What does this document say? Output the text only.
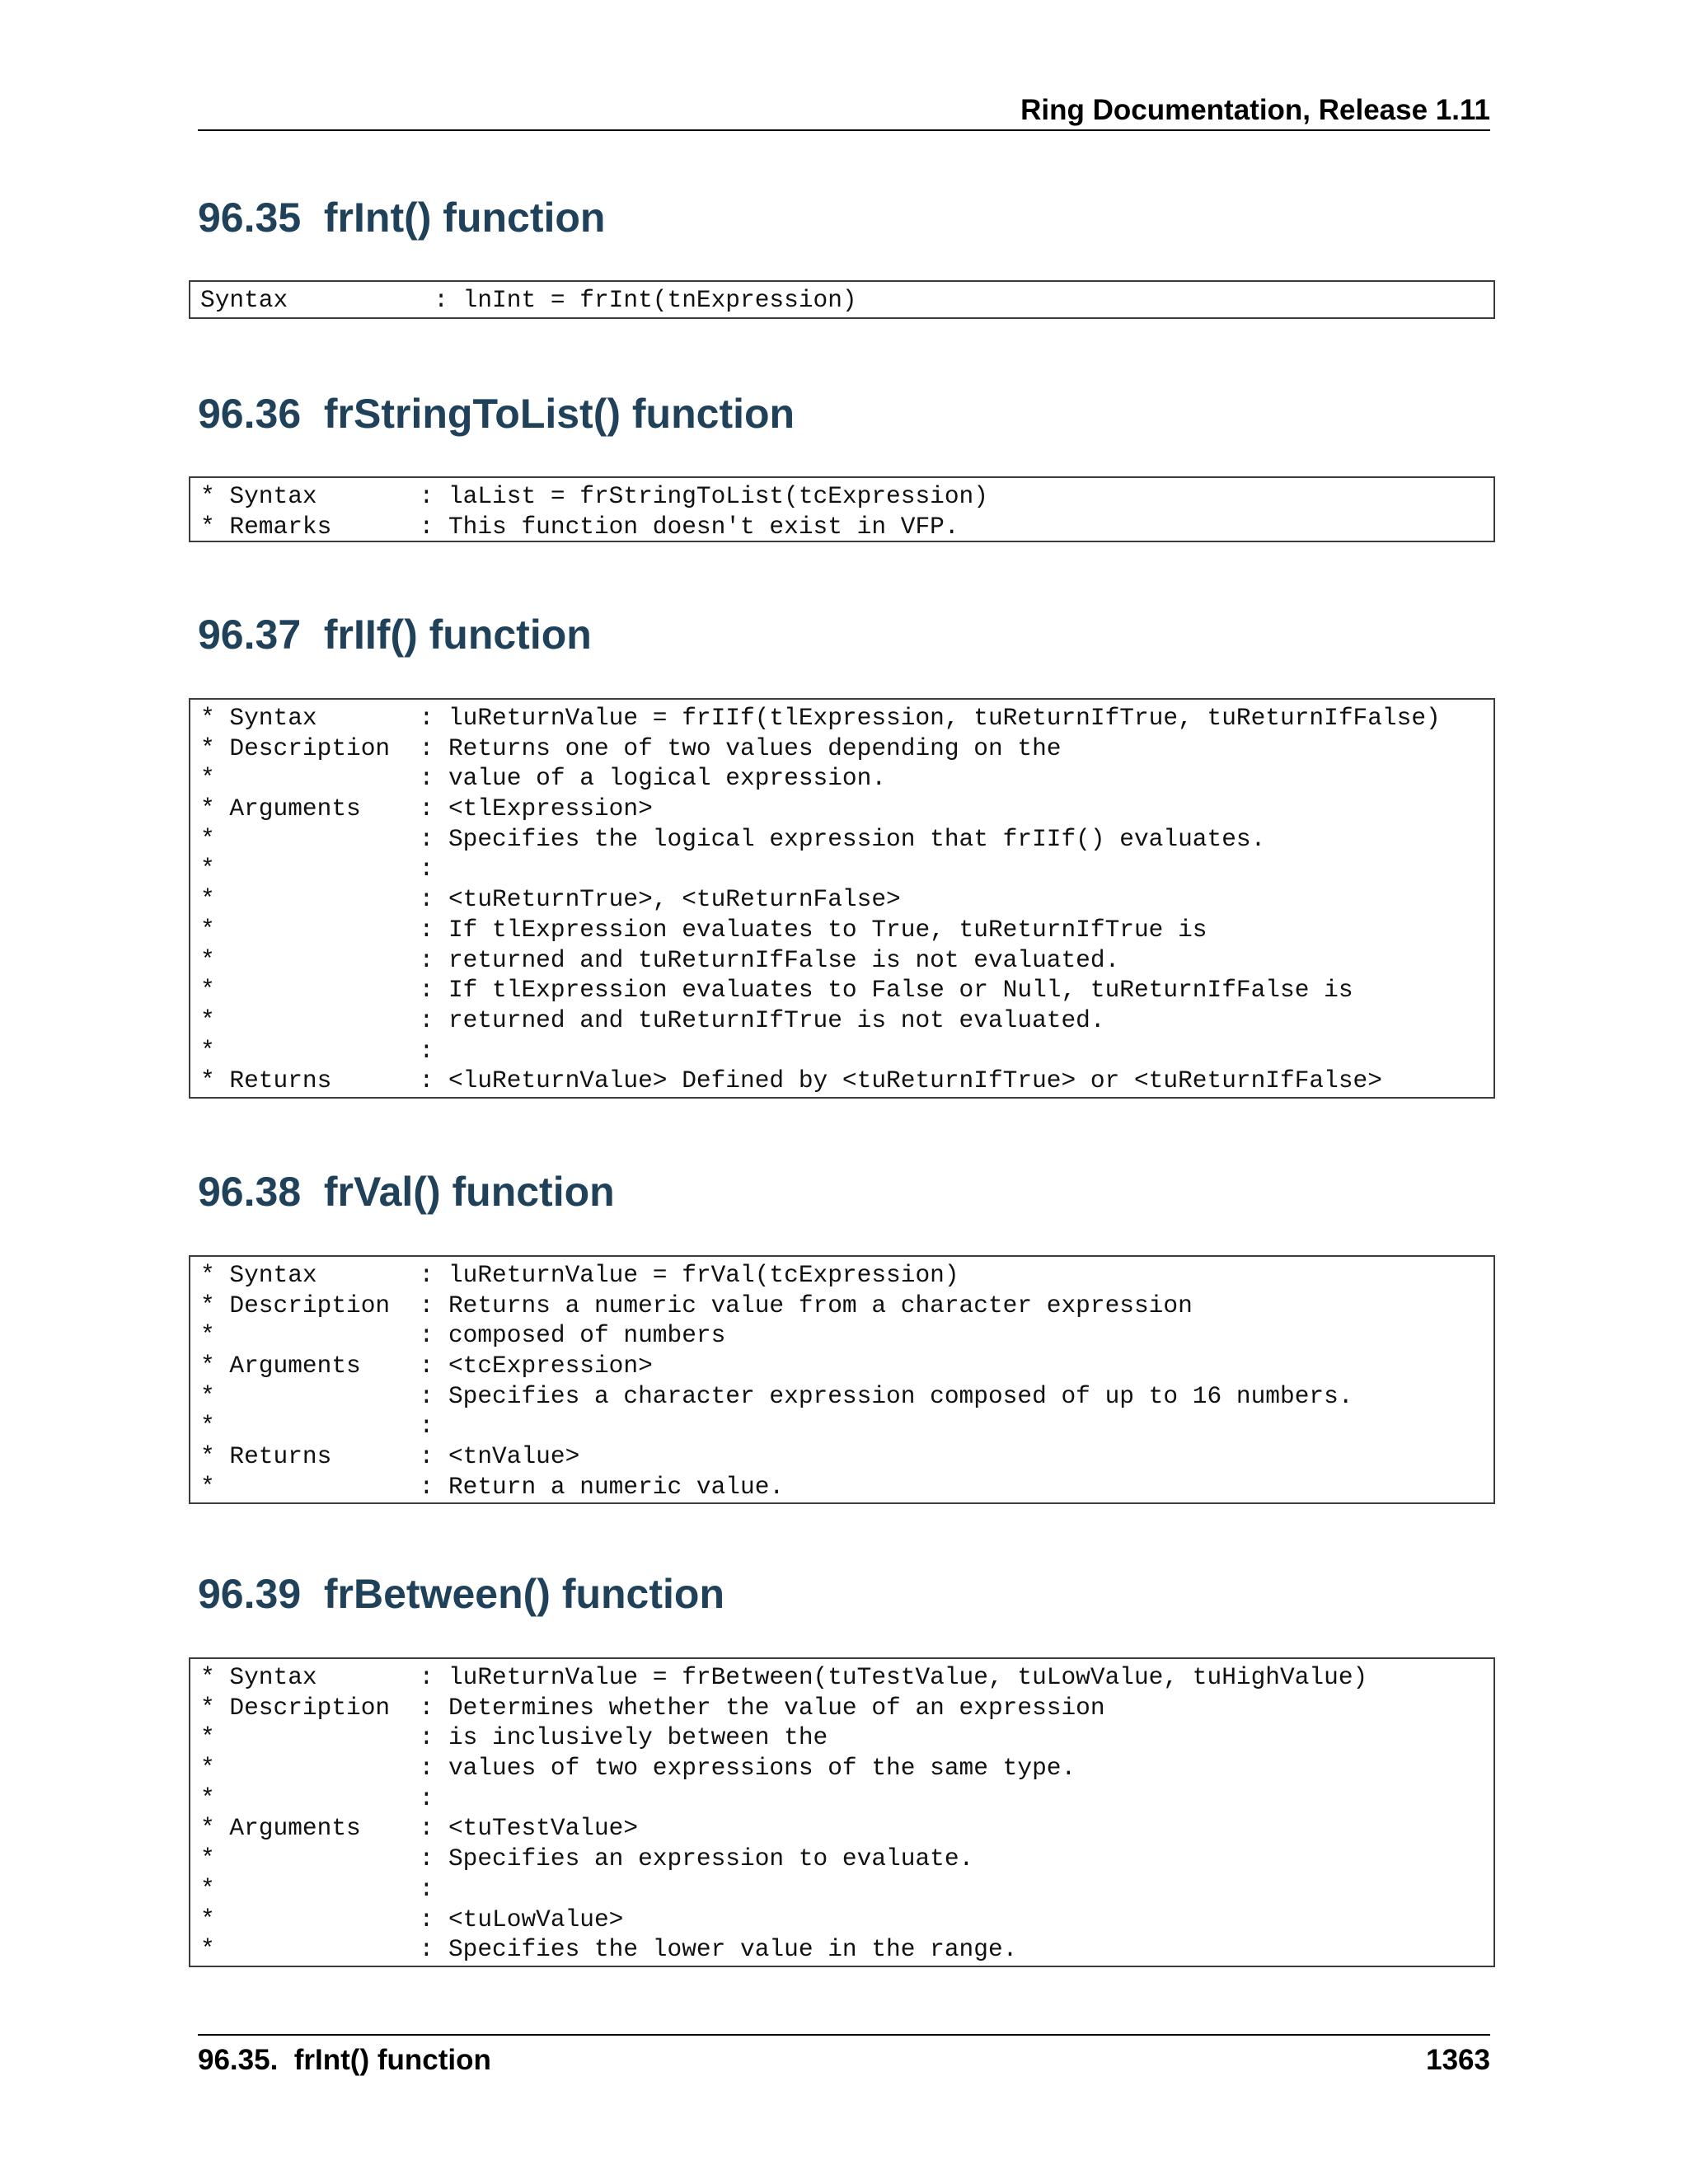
Ring Documentation, Release 1.11
96.35  frInt() function
Syntax          : lnInt = frInt(tnExpression)
96.36  frStringToList() function
* Syntax       : laList = frStringToList(tcExpression)
* Remarks      : This function doesn't exist in VFP.
96.37  frIIf() function
* Syntax       : luReturnValue = frIIf(tlExpression, tuReturnIfTrue, tuReturnIfFalse)
* Description  : Returns one of two values depending on the
*              : value of a logical expression.
* Arguments    : <tlExpression>
*              : Specifies the logical expression that frIIf() evaluates.
*              :
*              : <tuReturnTrue>, <tuReturnFalse>
*              : If tlExpression evaluates to True, tuReturnIfTrue is
*              : returned and tuReturnIfFalse is not evaluated.
*              : If tlExpression evaluates to False or Null, tuReturnIfFalse is
*              : returned and tuReturnIfTrue is not evaluated.
*              :
* Returns      : <luReturnValue> Defined by <tuReturnIfTrue> or <tuReturnIfFalse>
96.38  frVal() function
* Syntax       : luReturnValue = frVal(tcExpression)
* Description  : Returns a numeric value from a character expression
*              : composed of numbers
* Arguments    : <tcExpression>
*              : Specifies a character expression composed of up to 16 numbers.
*              :
* Returns      : <tnValue>
*              : Return a numeric value.
96.39  frBetween() function
* Syntax       : luReturnValue = frBetween(tuTestValue, tuLowValue, tuHighValue)
* Description  : Determines whether the value of an expression
*              : is inclusively between the
*              : values of two expressions of the same type.
*              :
* Arguments    : <tuTestValue>
*              : Specifies an expression to evaluate.
*              :
*              : <tuLowValue>
*              : Specifies the lower value in the range.
96.35.  frInt() function	1363
